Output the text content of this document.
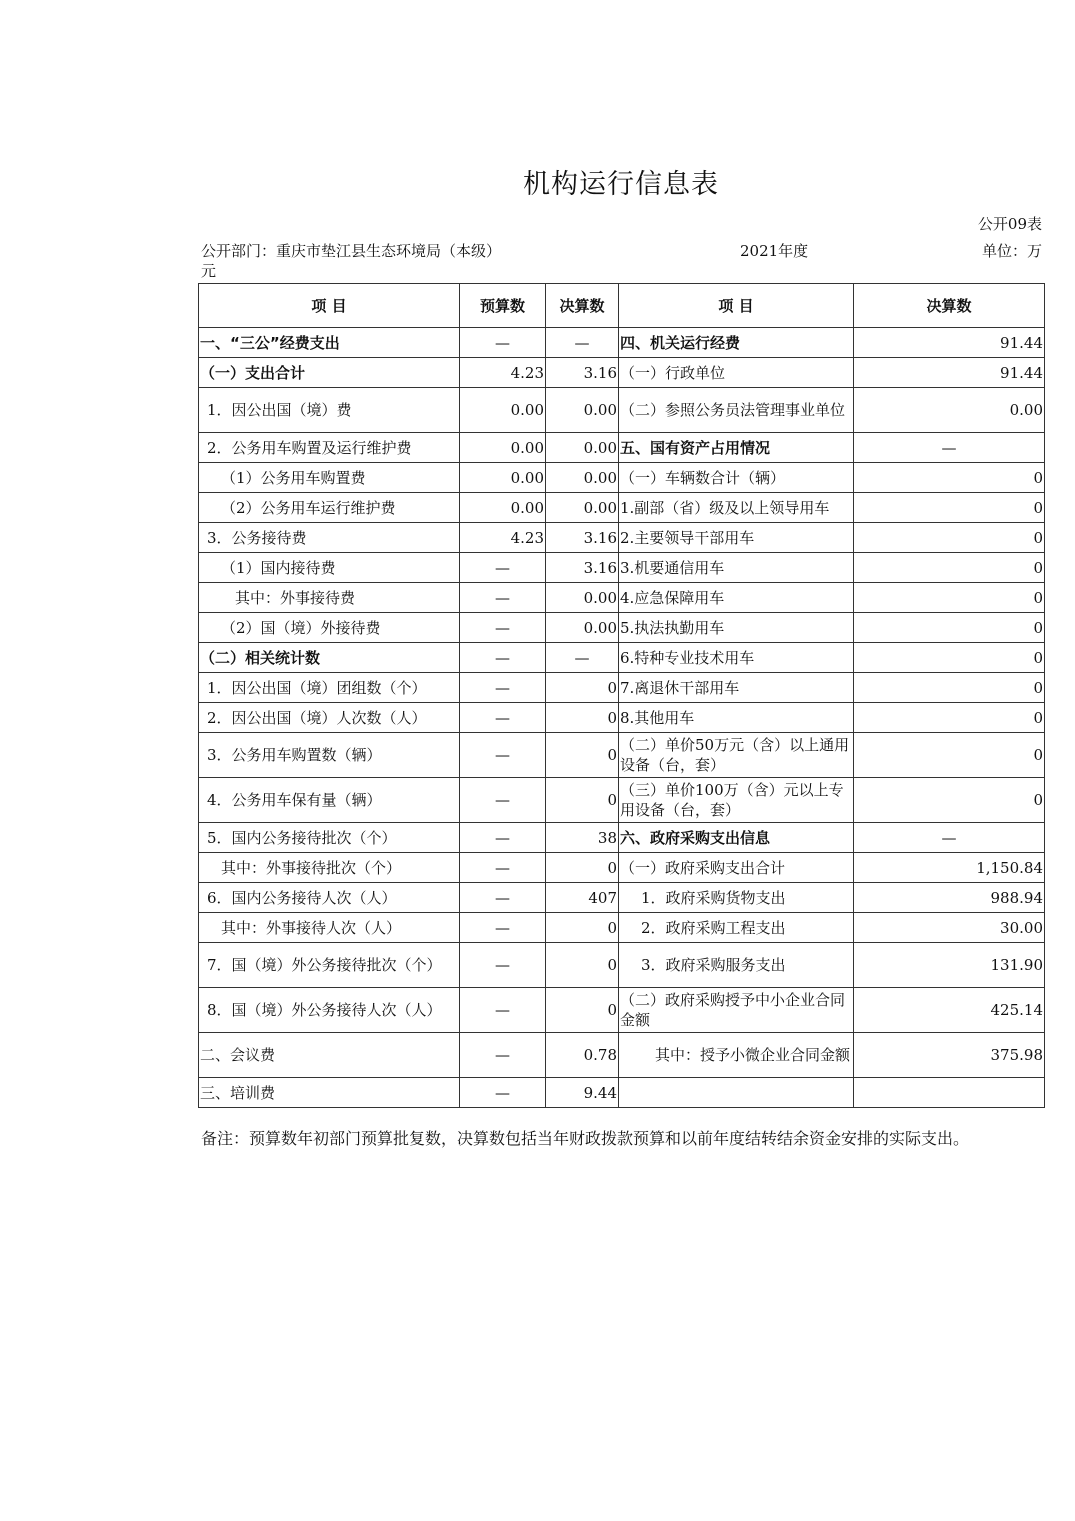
机构运行信息表
公开09表
公开部门：重庆市垫江县生态环境局（本级）	2021年度	单位：万
元
项 目	预算数	决算数	项 目	决算数
一、“三公”经费支出	—	—	四、机关运行经费	91.44
（一）支出合计	4.23	3.16	（一）行政单位	91.44
1．因公出国（境）费	0.00	0.00	（二）参照公务员法管理事业单位	0.00
2．公务用车购置及运行维护费	0.00	0.00	五、国有资产占用情况	—
（1）公务用车购置费	0.00	0.00	（一）车辆数合计（辆）	0
（2）公务用车运行维护费	0.00	0.00	1.副部（省）级及以上领导用车	0
3．公务接待费	4.23	3.16	2.主要领导干部用车	0
（1）国内接待费	—	3.16	3.机要通信用车	0
其中：外事接待费	—	0.00	4.应急保障用车	0
（2）国（境）外接待费	—	0.00	5.执法执勤用车	0
（二）相关统计数	—	—	6.特种专业技术用车	0
1．因公出国（境）团组数（个）	—	0	7.离退休干部用车	0
2．因公出国（境）人次数（人）	—	0	8.其他用车	0
3．公务用车购置数（辆）	—	0	（二）单价50万元（含）以上通用设备（台，套）	0
4．公务用车保有量（辆）	—	0	（三）单价100万（含）元以上专用设备（台，套）	0
5．国内公务接待批次（个）	—	38	六、政府采购支出信息	—
其中：外事接待批次（个）	—	0	（一）政府采购支出合计	1,150.84
6．国内公务接待人次（人）	—	407	1．政府采购货物支出	988.94
其中：外事接待人次（人）	—	0	2．政府采购工程支出	30.00
7．国（境）外公务接待批次（个）	—	0	3．政府采购服务支出	131.90
8．国（境）外公务接待人次（人）	—	0	（二）政府采购授予中小企业合同金额	425.14
二、会议费	—	0.78	其中：授予小微企业合同金额	375.98
三、培训费	—	9.44		
备注：预算数年初部门预算批复数，决算数包括当年财政拨款预算和以前年度结转结余资金安排的实际支出。
